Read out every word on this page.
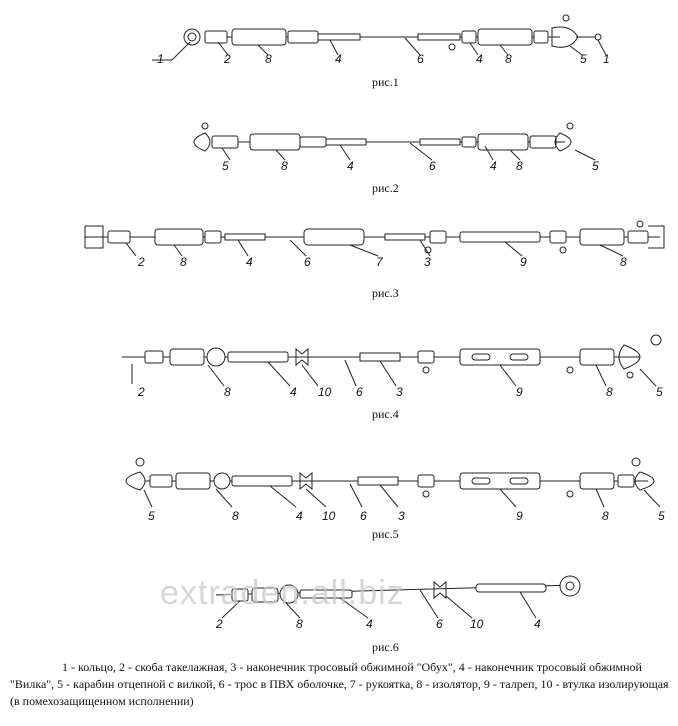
1	2	8	4	6	4 8	5 1
рис.1
5	8	4	6	4 8	5
рис.2
2	8	4	6	7	3	9	8
рис.3
2	8	4 10 6	3	9	8	5
рис.4
5	8	4 10 6	3	9	8	5
рис.5
2	8	4	6 10	4
рис.6
extraden.all.biz
1 - кольцо, 2 - скоба такелажная, 3 - наконечник тросовый обжимной "Обух", 4 - наконечник тросовый обжимной "Вилка", 5 - карабин отцепной с вилкой, 6 - трос в ПВХ оболочке, 7 - рукоятка, 8 - изолятор, 9 - талреп, 10 - втулка изолирующая (в помехозащищенном исполнении)
